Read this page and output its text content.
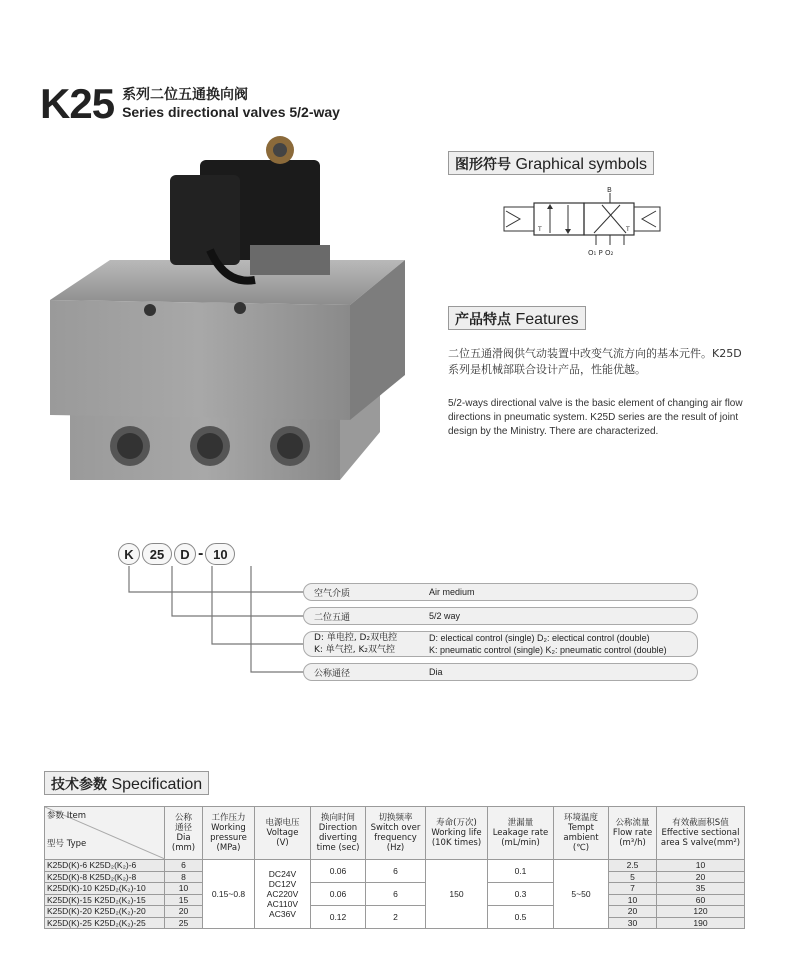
K25 系列二位五通换向阀
Series directional valves 5/2-way
图形符号 Graphical symbols
B
O₁ P O₂
T	T
产品特点 Features
二位五通滑阀供气动装置中改变气流方向的基本元件。K25D系列是机械部联合设计产品，性能优越。
5/2-ways directional valve is the basic element of changing air flow directions in pneumatic system. K25D series are the result of joint design by the Ministry. There are characterized.
K	25	D - 10
空气介质	Air medium
二位五通	5/2 way
D: 单电控, D₂双电控
K: 单气控, K₂双气控
D: electical control (single) D₂: electical control (double)
K: pneumatic control (single) K₂: pneumatic control (double)
公称通径	Dia
技术参数 Specification
参数 Item
型号 Type	公称
通径
Dia
(mm)	工作压力
Working
pressure
(MPa)	电源电压
Voltage
(V)	换向时间
Direction
diverting
time (sec)	切换频率
Switch over
frequency
(Hz)	寿命(万次)
Working life
(10K times)	泄漏量
Leakage rate
(mL/min)	环境温度
Tempt
ambient
(℃)	公称流量
Flow rate
(m³/h)	有效截面积S值
Effective sectional
area S valve(mm²)
K25D(K)-6 K25D₂(K₂)-6	6	0.15~0.8	DC24V
DC12V
AC220V
AC110V
AC36V	0.06	6	150	0.1	5~50	2.5	10
K25D(K)-8 K25D₂(K₂)-8	8								5	20
K25D(K)-10 K25D₂(K₂)-10	10			0.06	6		0.3		7	35
K25D(K)-15 K25D₂(K₂)-15	15								10	60
K25D(K)-20 K25D₂(K₂)-20	20			0.12	2		0.5		20	120
K25D(K)-25 K25D₂(K₂)-25	25								30	190
